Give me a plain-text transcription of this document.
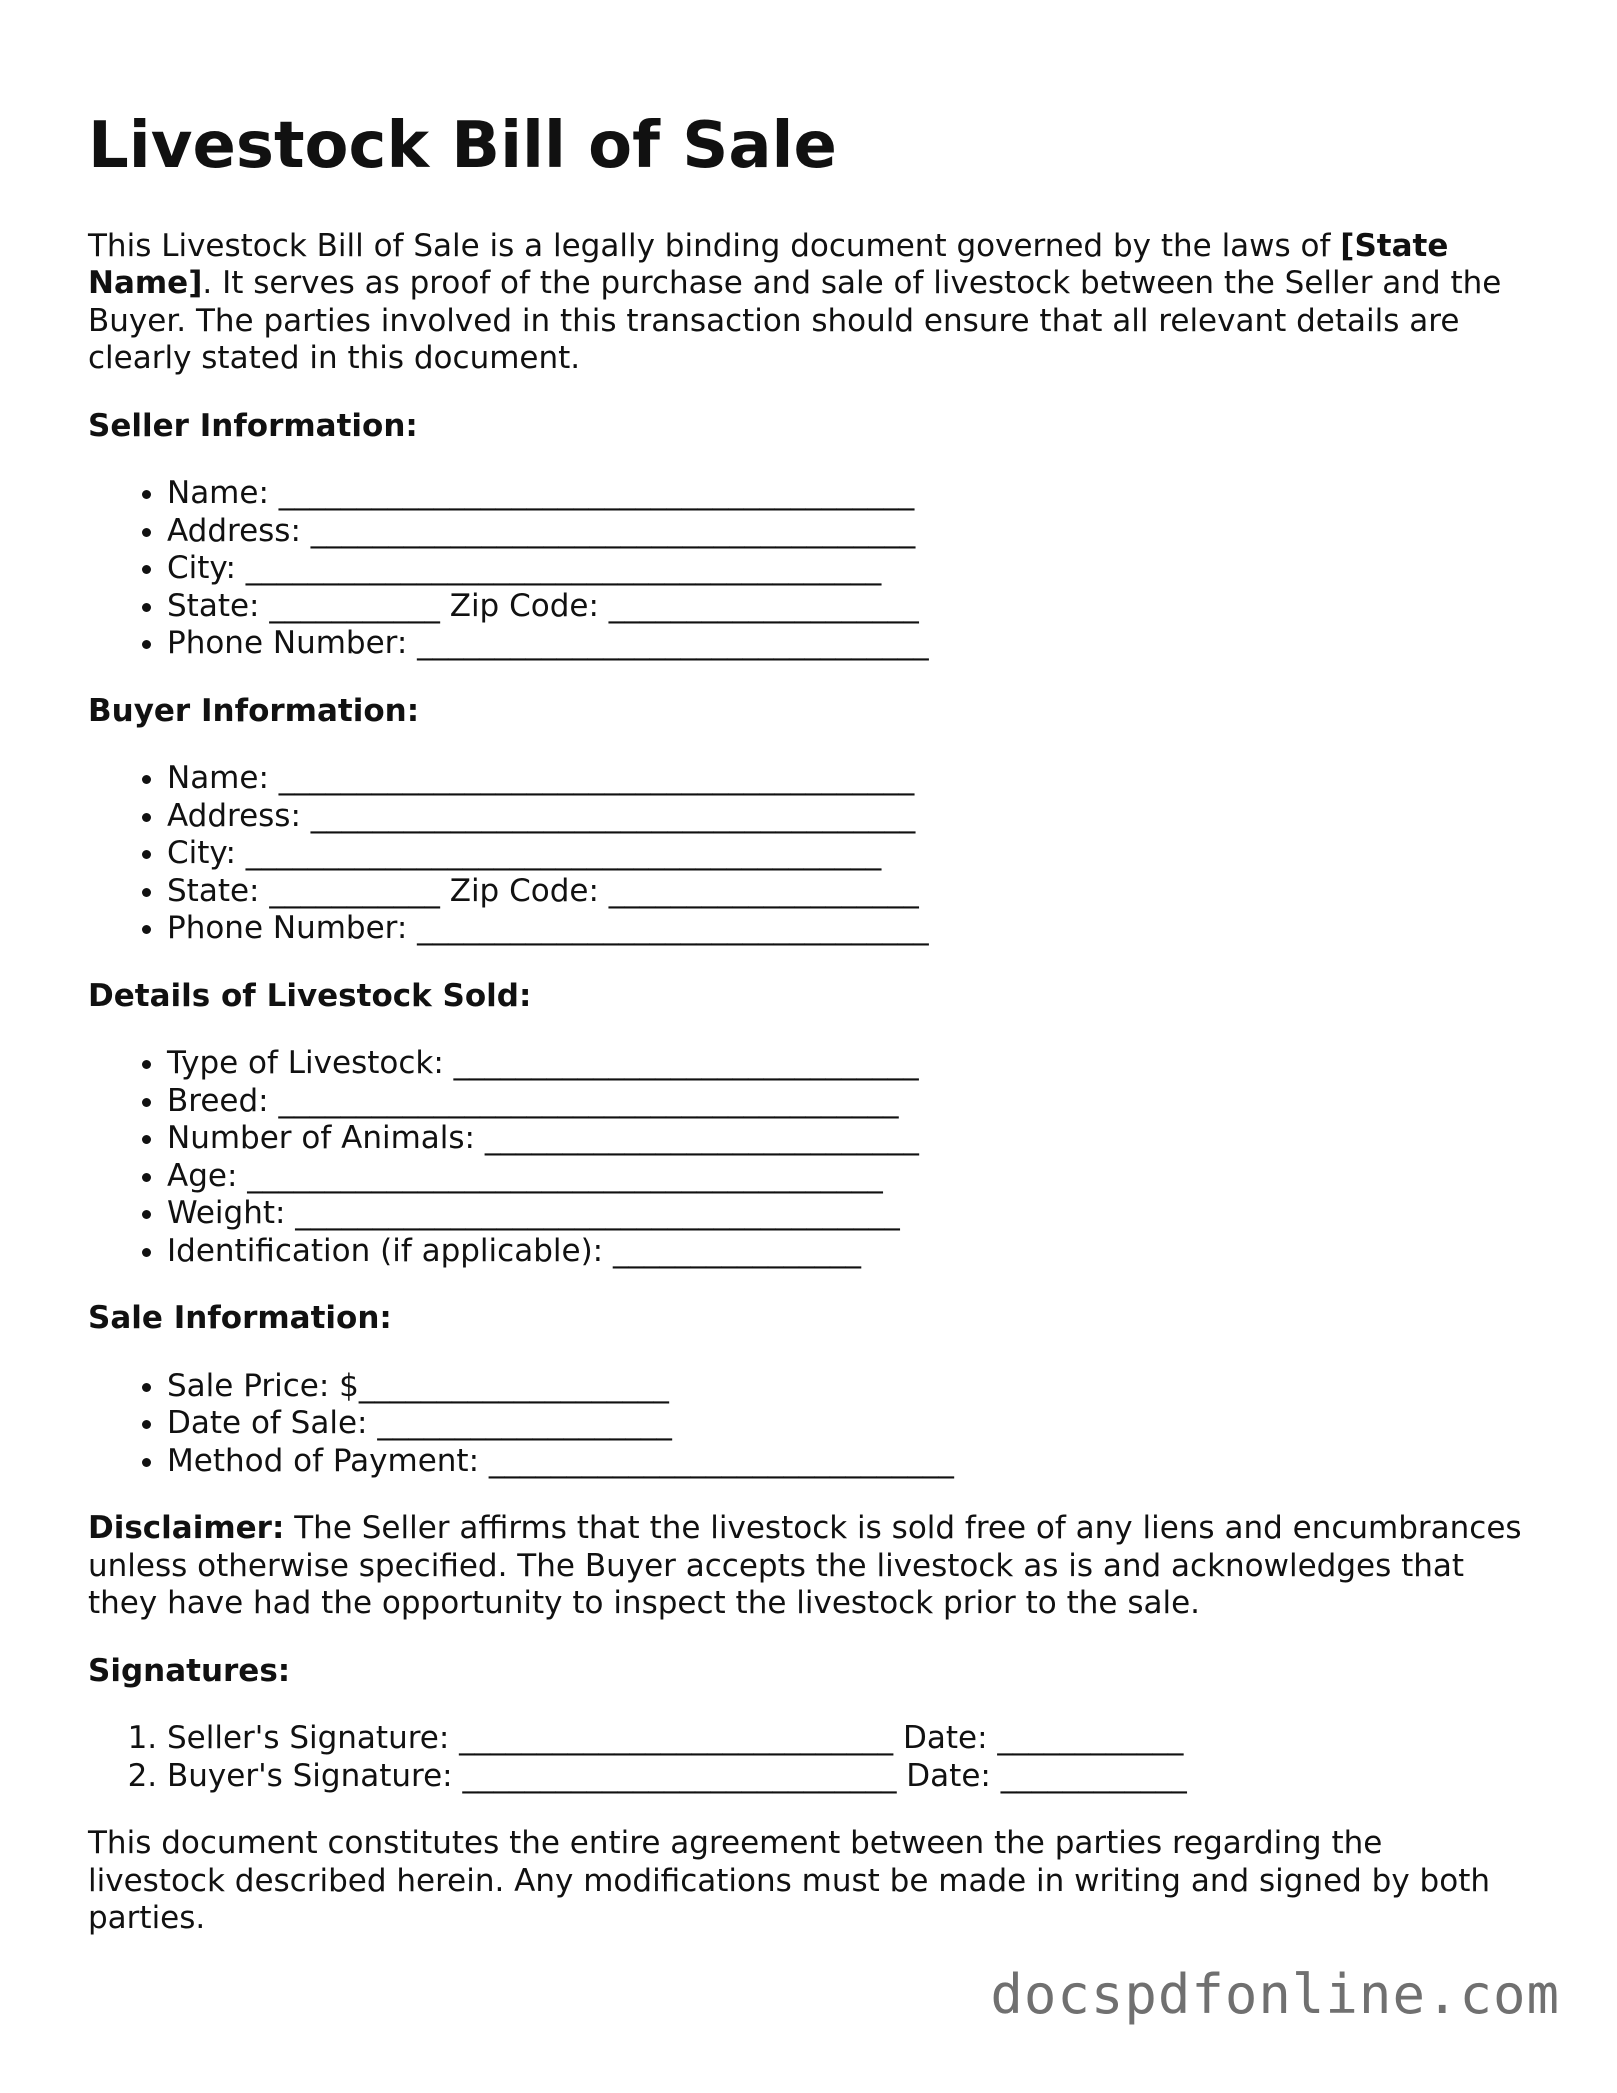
Livestock Bill of Sale

This Livestock Bill of Sale is a legally binding document governed by the laws of [State Name]. It serves as proof of the purchase and sale of livestock between the Seller and the Buyer. The parties involved in this transaction should ensure that all relevant details are clearly stated in this document.

Seller Information:
• Name: _________________________________________
• Address: _______________________________________
• City: _________________________________________
• State: ___________ Zip Code: ____________________
• Phone Number: _________________________________
Buyer Information:
• Name: _________________________________________
• Address: _______________________________________
• City: _________________________________________
• State: ___________ Zip Code: ____________________
• Phone Number: _________________________________
Details of Livestock Sold:
• Type of Livestock: ______________________________
• Breed: ________________________________________
• Number of Animals: ____________________________
• Age: _________________________________________
• Weight: _______________________________________
• Identification (if applicable): ________________
Sale Information:
• Sale Price: $____________________
• Date of Sale: ___________________
• Method of Payment: ______________________________

Disclaimer: The Seller affirms that the livestock is sold free of any liens and encumbrances unless otherwise specified. The Buyer accepts the livestock as is and acknowledges that they have had the opportunity to inspect the livestock prior to the sale.

Signatures:
1. Seller's Signature: ____________________________ Date: ____________
2. Buyer's Signature: ____________________________ Date: ____________

This document constitutes the entire agreement between the parties regarding the livestock described herein. Any modifications must be made in writing and signed by both parties.

docspdfonline.com
